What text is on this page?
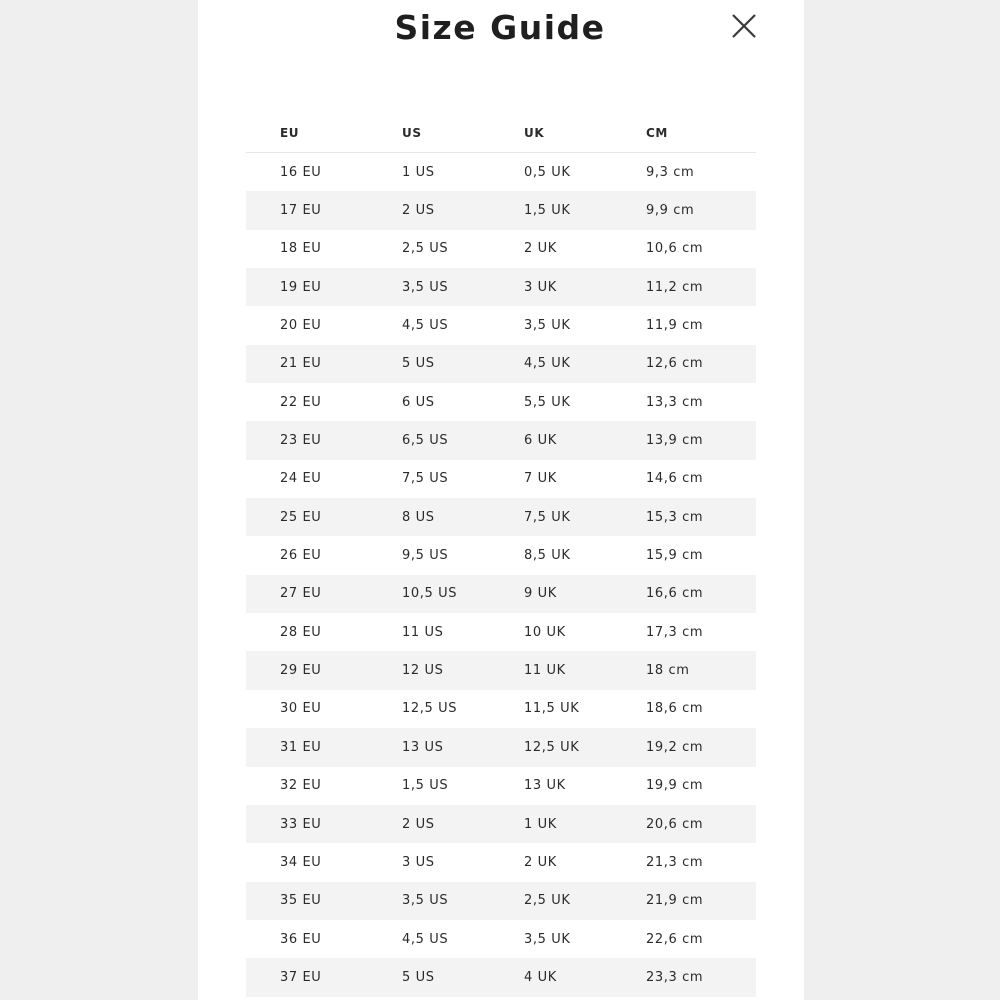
Size Guide
EU	US	UK	CM
16 EU	1 US	0,5 UK	9,3 cm
17 EU	2 US	1,5 UK	9,9 cm
18 EU	2,5 US	2 UK	10,6 cm
19 EU	3,5 US	3 UK	11,2 cm
20 EU	4,5 US	3,5 UK	11,9 cm
21 EU	5 US	4,5 UK	12,6 cm
22 EU	6 US	5,5 UK	13,3 cm
23 EU	6,5 US	6 UK	13,9 cm
24 EU	7,5 US	7 UK	14,6 cm
25 EU	8 US	7,5 UK	15,3 cm
26 EU	9,5 US	8,5 UK	15,9 cm
27 EU	10,5 US	9 UK	16,6 cm
28 EU	11 US	10 UK	17,3 cm
29 EU	12 US	11 UK	18 cm
30 EU	12,5 US	11,5 UK	18,6 cm
31 EU	13 US	12,5 UK	19,2 cm
32 EU	1,5 US	13 UK	19,9 cm
33 EU	2 US	1 UK	20,6 cm
34 EU	3 US	2 UK	21,3 cm
35 EU	3,5 US	2,5 UK	21,9 cm
36 EU	4,5 US	3,5 UK	22,6 cm
37 EU	5 US	4 UK	23,3 cm
